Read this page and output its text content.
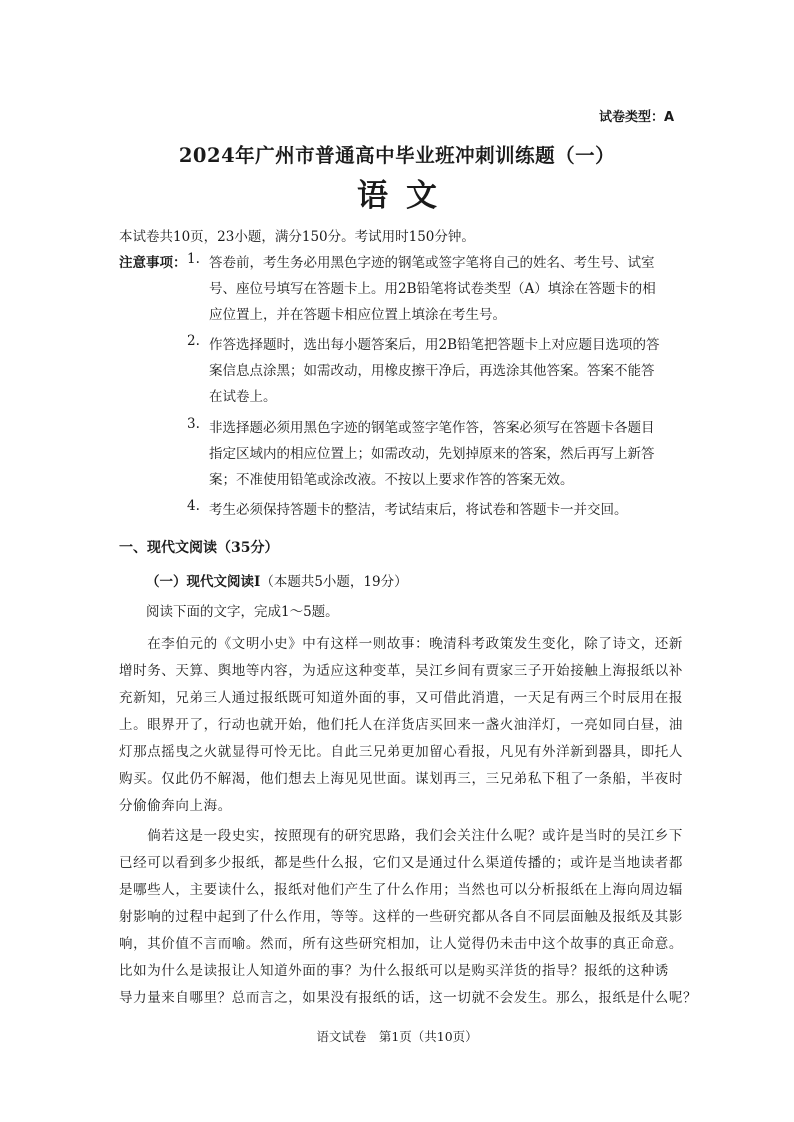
试卷类型：A
2024年广州市普通高中毕业班冲刺训练题（一）
语文
本试卷共10页，23小题，满分150分。考试用时150分钟。
注意事项： 1. 答卷前，考生务必用黑色字迹的钢笔或签字笔将自己的姓名、考生号、试室
号、座位号填写在答题卡上。用2B铅笔将试卷类型（A）填涂在答题卡的相
应位置上，并在答题卡相应位置上填涂在考生号。
2. 作答选择题时，选出每小题答案后，用2B铅笔把答题卡上对应题目选项的答
案信息点涂黑；如需改动，用橡皮擦干净后，再选涂其他答案。答案不能答
在试卷上。
3. 非选择题必须用黑色字迹的钢笔或签字笔作答，答案必须写在答题卡各题目
指定区域内的相应位置上；如需改动，先划掉原来的答案，然后再写上新答
案；不准使用铅笔或涂改液。不按以上要求作答的答案无效。
4. 考生必须保持答题卡的整洁，考试结束后，将试卷和答题卡一并交回。
一、现代文阅读（35分）
（一）现代文阅读Ⅰ（本题共5小题，19分）
阅读下面的文字，完成1～5题。
　　在李伯元的《文明小史》中有这样一则故事：晚清科考政策发生变化，除了诗文，还新
增时务、天算、舆地等内容，为适应这种变革，吴江乡间有贾家三子开始接触上海报纸以补
充新知，兄弟三人通过报纸既可知道外面的事，又可借此消遣，一天足有两三个时辰用在报
上。眼界开了，行动也就开始，他们托人在洋货店买回来一盏火油洋灯，一亮如同白昼，油
灯那点摇曳之火就显得可怜无比。自此三兄弟更加留心看报，凡见有外洋新到器具，即托人
购买。仅此仍不解渴，他们想去上海见见世面。谋划再三，三兄弟私下租了一条船，半夜时
分偷偷奔向上海。
　　倘若这是一段史实，按照现有的研究思路，我们会关注什么呢？或许是当时的吴江乡下
已经可以看到多少报纸，都是些什么报，它们又是通过什么渠道传播的；或许是当地读者都
是哪些人，主要读什么，报纸对他们产生了什么作用；当然也可以分析报纸在上海向周边辐
射影响的过程中起到了什么作用，等等。这样的一些研究都从各自不同层面触及报纸及其影
响，其价值不言而喻。然而，所有这些研究相加，让人觉得仍未击中这个故事的真正命意。
比如为什么是读报让人知道外面的事？为什么报纸可以是购买洋货的指导？报纸的这种诱
导力量来自哪里？总而言之，如果没有报纸的话，这一切就不会发生。那么，报纸是什么呢？
语文试卷　第1页（共10页）
